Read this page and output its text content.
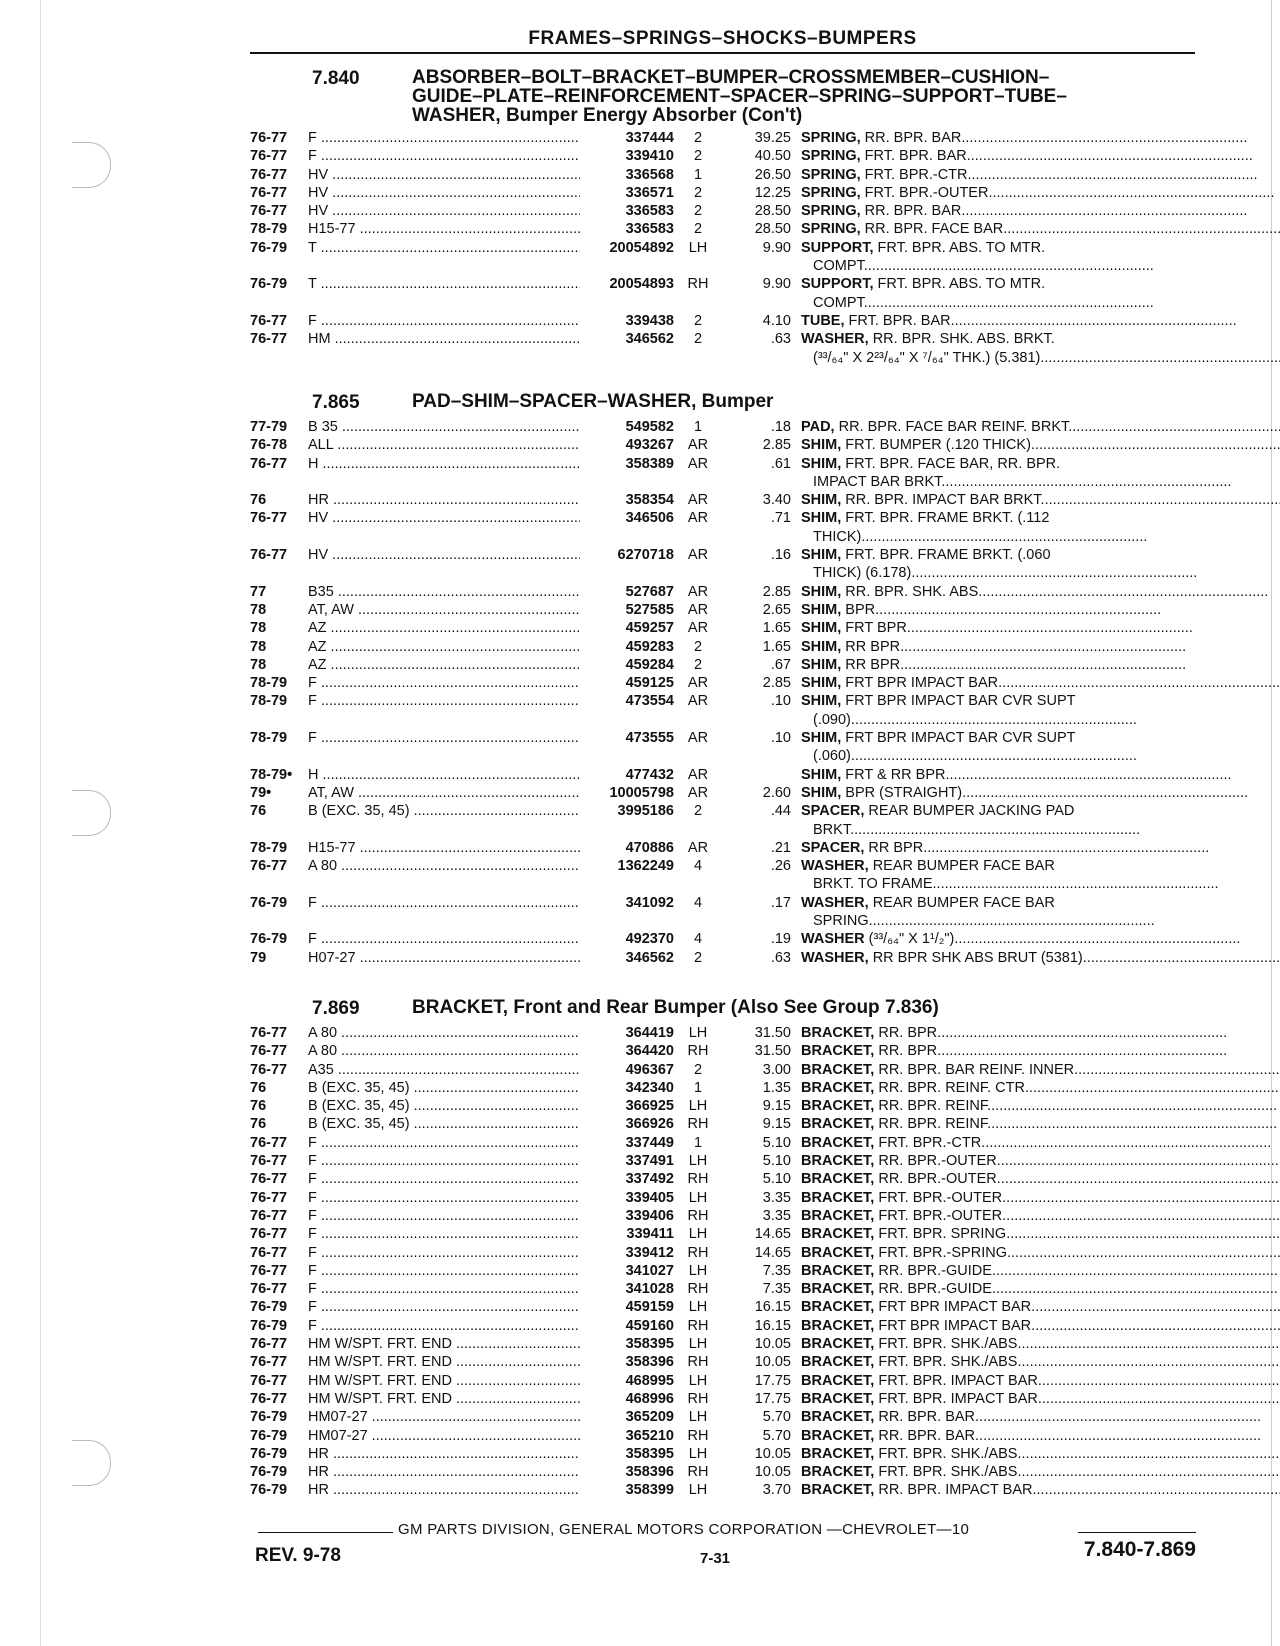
FRAMES–SPRINGS–SHOCKS–BUMPERS
7.840	ABSORBER–BOLT–BRACKET–BUMPER–CROSSMEMBER–CUSHION–
GUIDE–PLATE–REINFORCEMENT–SPACER–SPRING–SUPPORT–TUBE–
WASHER, Bumper Energy Absorber (Con't)
76-77	F .....	337444	2	39.25 SPRING, RR. BPR. BAR
.....
76-77	F .....	339410	2	40.50 SPRING, FRT. BPR. BAR
.....
76-77	HV .....	336568	1	26.50 SPRING, FRT. BPR.-CTR.
.....
76-77	HV .....	336571	2	12.25 SPRING, FRT. BPR.-OUTER
.....
76-77	HV .....	336583	2	28.50 SPRING, RR. BPR. BAR
.....
78-79	H15-77 .....	336583	2	28.50 SPRING, RR. BPR. FACE BAR
.....
76-79	T .....	20054892	LH	9.90 SUPPORT, FRT. BPR. ABS. TO MTR.
COMPT.
.....
76-79	T .....	20054893 RH	9.90 SUPPORT, FRT. BPR. ABS. TO MTR.
COMPT.
.....
76-77	F .....	339438	2	4.10 TUBE, FRT. BPR. BAR
.....
76-77	HM .....	346562	2	.63 WASHER, RR. BPR. SHK. ABS. BRKT.
(³³/₆₄" X 2²³/₆₄" X ⁷/₆₄" THK.) (5.381)
.....
7.865	PAD–SHIM–SPACER–WASHER, Bumper
77-79	B 35 .....	549582	1	.18 PAD, RR. BPR. FACE BAR REINF. BRKT.
.....
76-78	ALL .....	493267 AR	2.85 SHIM, FRT. BUMPER (.120 THICK)
.....
76-77	H .....	358389 AR	.61 SHIM, FRT. BPR. FACE BAR, RR. BPR.
IMPACT BAR BRKT.
.....
76	HR .....	358354 AR	3.40 SHIM, RR. BPR. IMPACT BAR BRKT.
.....
76-77	HV .....	346506 AR	.71 SHIM, FRT. BPR. FRAME BRKT. (.112
THICK)
.....
76-77	HV .....	6270718 AR	.16 SHIM, FRT. BPR. FRAME BRKT. (.060
THICK) (6.178)
.....
77	B35 .....	527687 AR	2.85 SHIM, RR. BPR. SHK. ABS.
.....
78	AT, AW .....	527585 AR	2.65 SHIM, BPR
.....
78	AZ .....	459257 AR	1.65 SHIM, FRT BPR
.....
78	AZ .....	459283	2	1.65 SHIM, RR BPR
.....
78	AZ .....	459284	2	.67 SHIM, RR BPR
.....
78-79	F .....	459125 AR	2.85 SHIM, FRT BPR IMPACT BAR
.....
78-79	F .....	473554 AR	.10 SHIM, FRT BPR IMPACT BAR CVR SUPT
(.090)
.....
78-79	F .....	473555 AR	.10 SHIM, FRT BPR IMPACT BAR CVR SUPT
(.060)
.....
78-79•	H .....	477432 AR	SHIM, FRT & RR BPR
.....
79•	AT, AW .....	10005798 AR	2.60 SHIM, BPR (STRAIGHT)
.....
76	B (EXC. 35, 45) .....	3995186	2	.44 SPACER, REAR BUMPER JACKING PAD
BRKT.
.....
78-79	H15-77 .....	470886 AR	.21 SPACER, RR BPR
.....
76-77	A 80 .....	1362249	4	.26 WASHER, REAR BUMPER FACE BAR
BRKT. TO FRAME
.....
76-79	F .....	341092	4	.17 WASHER, REAR BUMPER FACE BAR
SPRING
.....
76-79	F .....	492370	4	.19 WASHER (³³/₆₄" X 1¹/₂")
.....
79	H07-27 .....	346562	2	.63 WASHER, RR BPR SHK ABS BRUT (5381)
.....
7.869	BRACKET, Front and Rear Bumper (Also See Group 7.836)
76-77	A 80 .....	364419	LH	31.50 BRACKET, RR. BPR.
.....
76-77	A 80 .....	364420 RH	31.50 BRACKET, RR. BPR.
.....
76-77	A35 .....	496367	2	3.00 BRACKET, RR. BPR. BAR REINF. INNER
.....
76	B (EXC. 35, 45) .....	342340	1	1.35 BRACKET, RR. BPR. REINF. CTR.
.....
76	B (EXC. 35, 45) .....	366925	LH	9.15 BRACKET, RR. BPR. REINF.
.....
76	B (EXC. 35, 45) .....	366926 RH	9.15 BRACKET, RR. BPR. REINF.
.....
76-77	F .....	337449	1	5.10 BRACKET, FRT. BPR.-CTR.
.....
76-77	F .....	337491	LH	5.10 BRACKET, RR. BPR.-OUTER
.....
76-77	F .....	337492 RH	5.10 BRACKET, RR. BPR.-OUTER
.....
76-77	F .....	339405	LH	3.35 BRACKET, FRT. BPR.-OUTER
.....
76-77	F .....	339406 RH	3.35 BRACKET, FRT. BPR.-OUTER
.....
76-77	F .....	339411	LH	14.65 BRACKET, FRT. BPR. SPRING
.....
76-77	F .....	339412 RH	14.65 BRACKET, FRT. BPR.-SPRING
.....
76-77	F .....	341027	LH	7.35 BRACKET, RR. BPR.-GUIDE
.....
76-77	F .....	341028 RH	7.35 BRACKET, RR. BPR.-GUIDE
.....
76-79	F .....	459159	LH	16.15 BRACKET, FRT BPR IMPACT BAR
.....
76-79	F .....	459160 RH	16.15 BRACKET, FRT BPR IMPACT BAR
.....
76-77	HM W/SPT. FRT. END .....	358395	LH	10.05 BRACKET, FRT. BPR. SHK./ABS.
.....
76-77	HM W/SPT. FRT. END .....	358396 RH	10.05 BRACKET, FRT. BPR. SHK./ABS.
.....
76-77	HM W/SPT. FRT. END .....	468995	LH	17.75 BRACKET, FRT. BPR. IMPACT BAR
.....
76-77	HM W/SPT. FRT. END .....	468996 RH	17.75 BRACKET, FRT. BPR. IMPACT BAR
.....
76-79	HM07-27 .....	365209	LH	5.70 BRACKET, RR. BPR. BAR
.....
76-79	HM07-27 .....	365210 RH	5.70 BRACKET, RR. BPR. BAR
.....
76-79	HR .....	358395	LH	10.05 BRACKET, FRT. BPR. SHK./ABS.
.....
76-79	HR .....	358396 RH	10.05 BRACKET, FRT. BPR. SHK./ABS.
.....
76-79	HR .....	358399	LH	3.70 BRACKET, RR. BPR. IMPACT BAR
.....
GM PARTS DIVISION, GENERAL MOTORS CORPORATION —CHEVROLET—10
REV. 9-78	7-31	7.840-7.869
